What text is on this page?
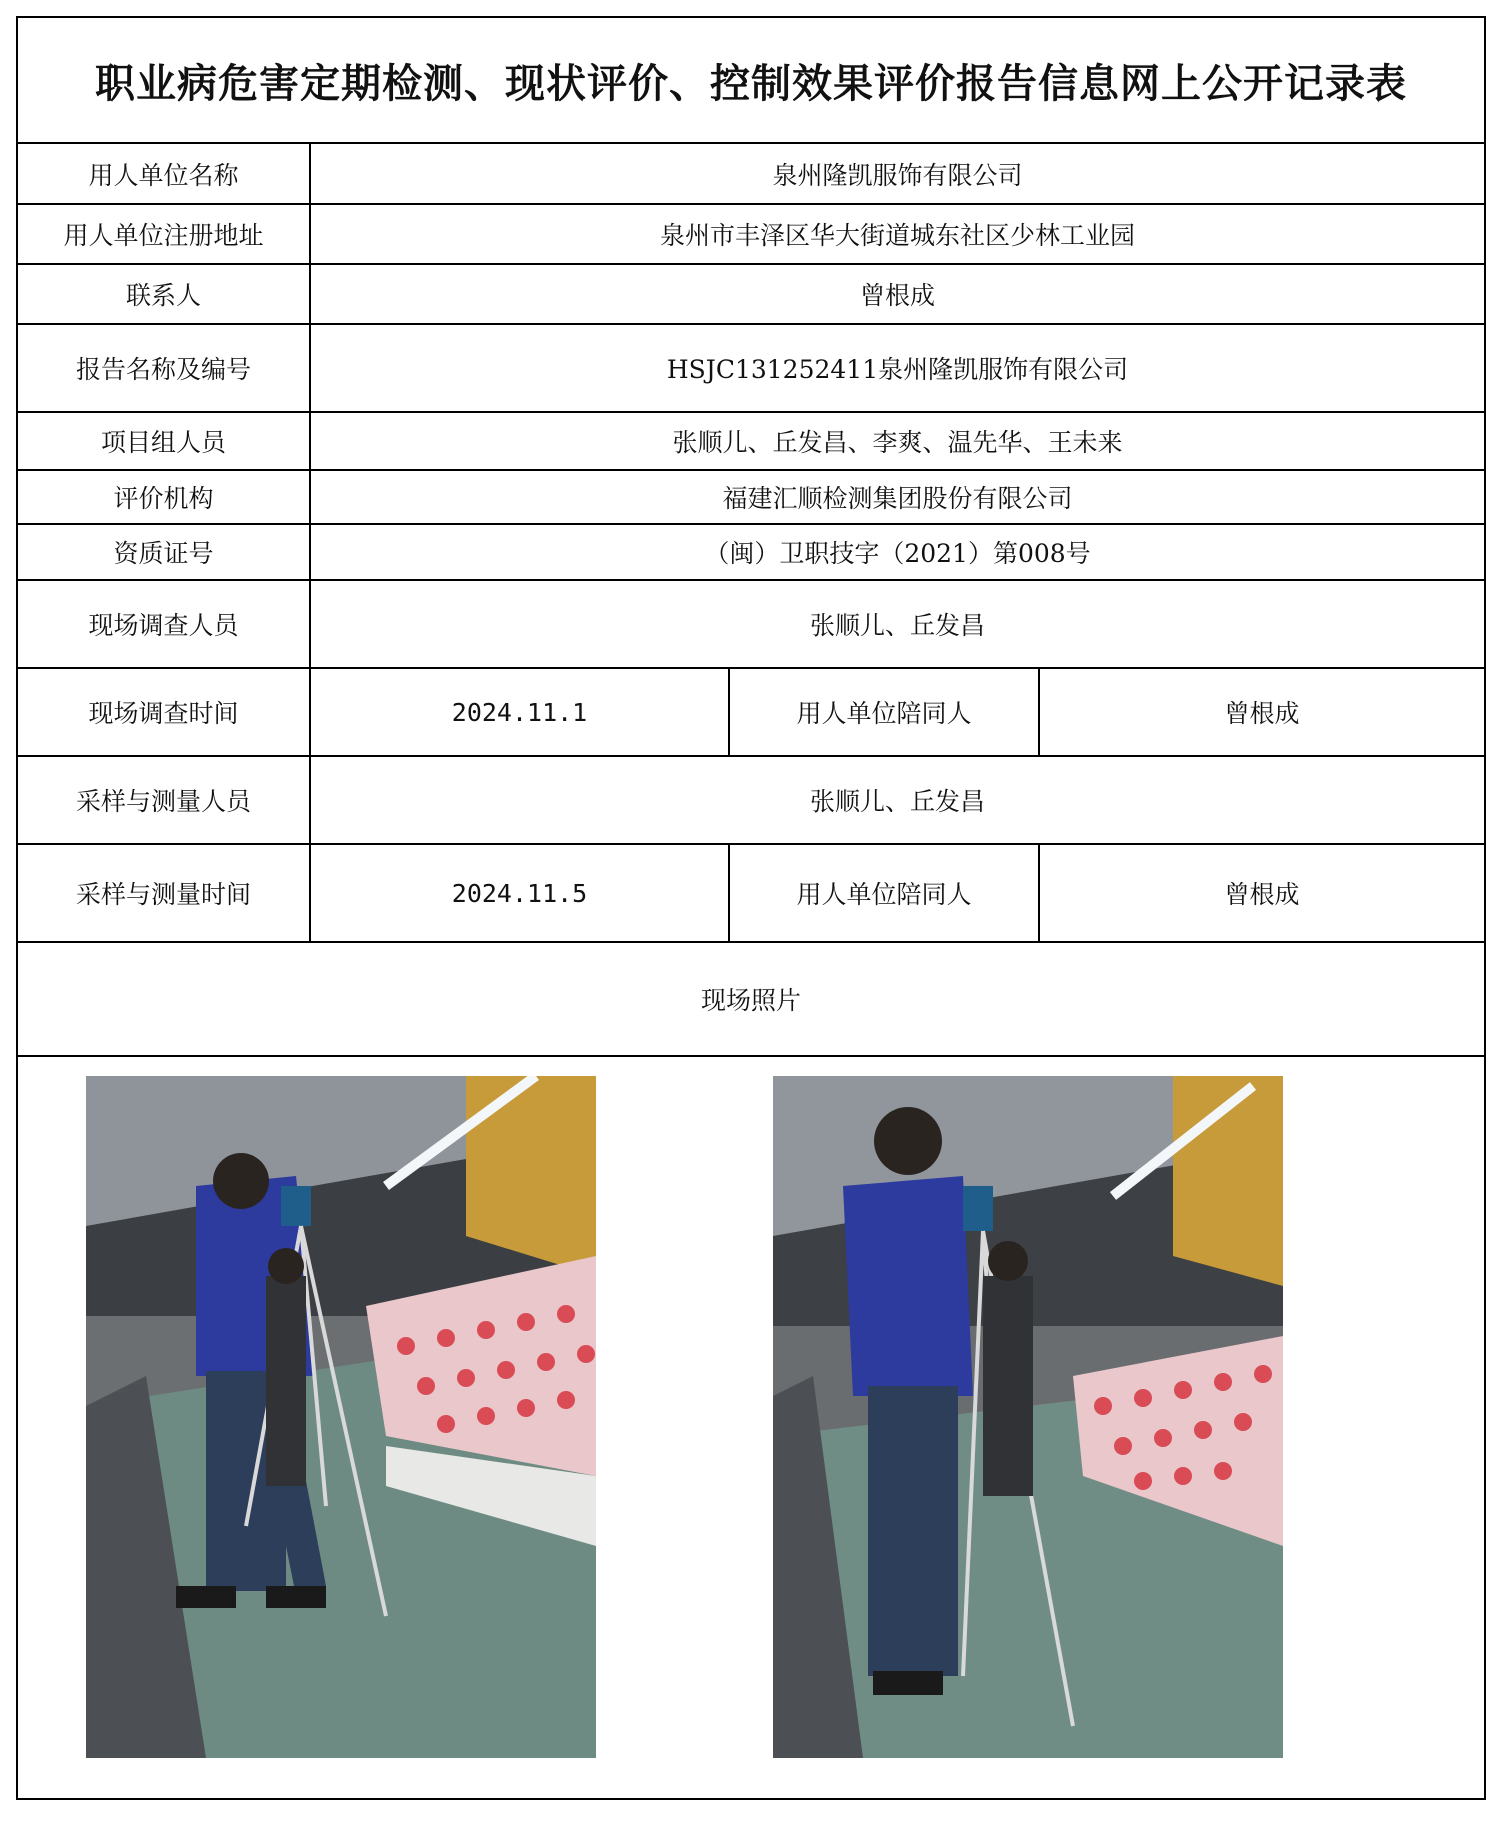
职业病危害定期检测、现状评价、控制效果评价报告信息网上公开记录表
用人单位名称	泉州隆凯服饰有限公司		
用人单位注册地址	泉州市丰泽区华大街道城东社区少林工业园		
联系人	曾根成		
报告名称及编号	HSJC131252411泉州隆凯服饰有限公司		
项目组人员	张顺儿、丘发昌、李爽、温先华、王未来		
评价机构	福建汇顺检测集团股份有限公司		
资质证号	（闽）卫职技字（2021）第008号		
现场调查人员	张顺儿、丘发昌		
现场调查时间	2024.11.1	用人单位陪同人	曾根成
采样与测量人员	张顺儿、丘发昌		
采样与测量时间	2024.11.5	用人单位陪同人	曾根成
现场照片			
